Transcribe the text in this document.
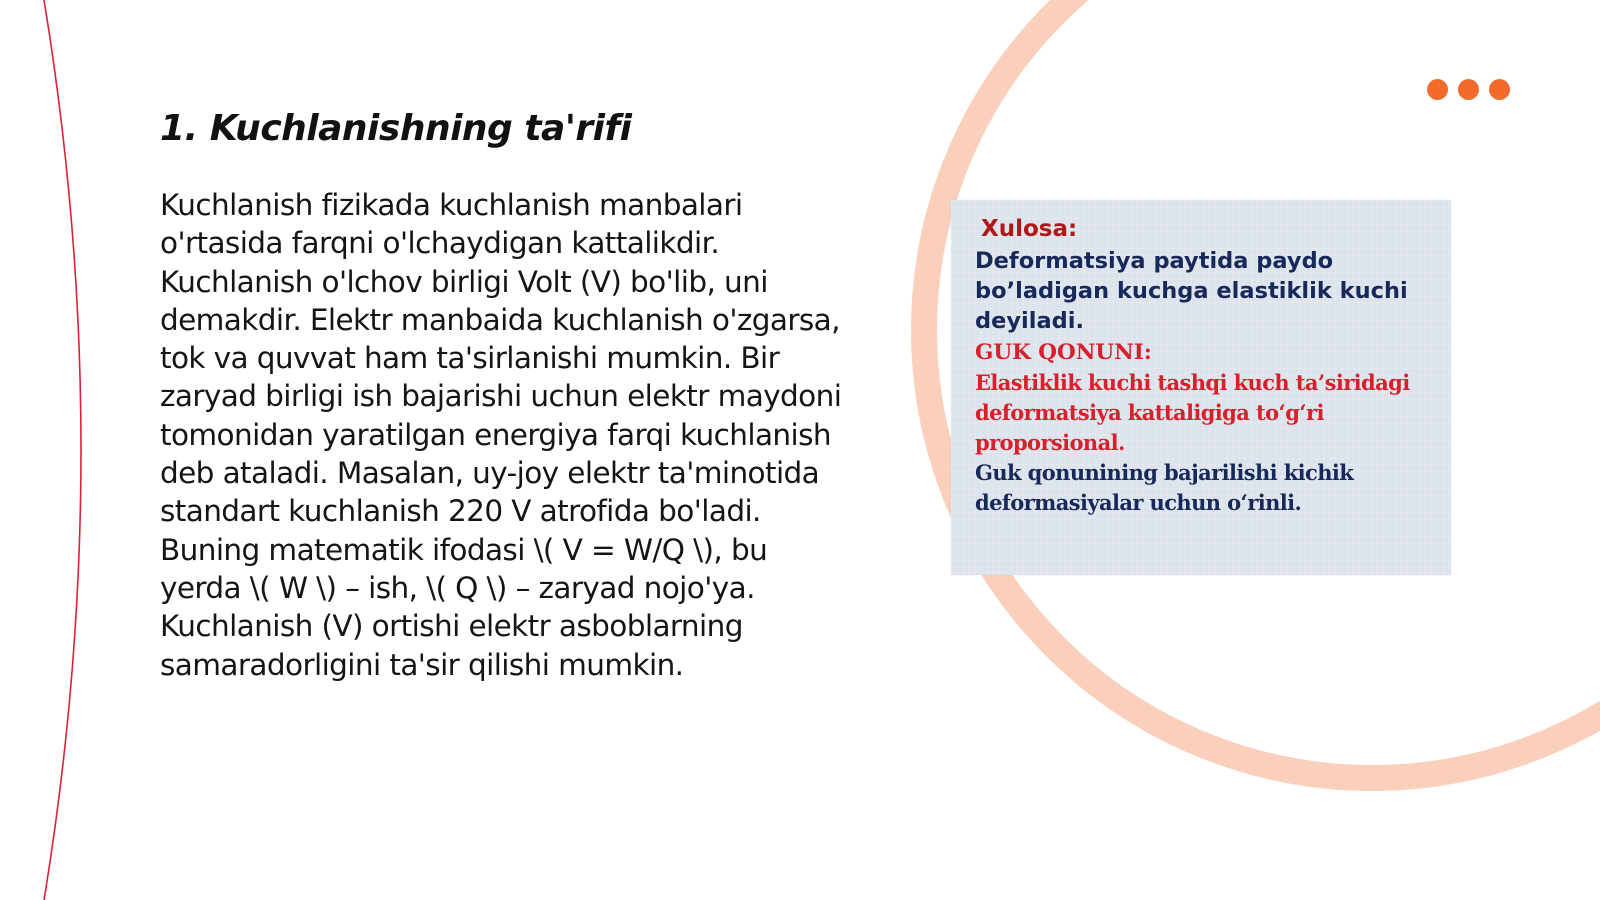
1. Kuchlanishning ta'rifi

Kuchlanish fizikada kuchlanish manbalari o'rtasida farqni o'lchaydigan kattalikdir. Kuchlanish o'lchov birligi Volt (V) bo'lib, uni demakdir. Elektr manbaida kuchlanish o'zgarsa, tok va quvvat ham ta'sirlanishi mumkin. Bir zaryad birligi ish bajarishi uchun elektr maydoni tomonidan yaratilgan energiya farqi kuchlanish deb ataladi. Masalan, uy-joy elektr ta'minotida standart kuchlanish 220 V atrofida bo'ladi. Buning matematik ifodasi \( V = W/Q \), bu yerda \( W \) – ish, \( Q \) – zaryad nojo'ya. Kuchlanish (V) ortishi elektr asboblarning samaradorligini ta'sir qilishi mumkin.

Xulosa:
Deformatsiya paytida paydo bo’ladigan kuchga elastiklik kuchi deyiladi.
GUK QONUNI:
Elastiklik kuchi tashqi kuch ta’siridagi deformatsiya kattaligiga to‘g‘ri proporsional.
Guk qonunining bajarilishi kichik deformasiyalar uchun o‘rinli.
